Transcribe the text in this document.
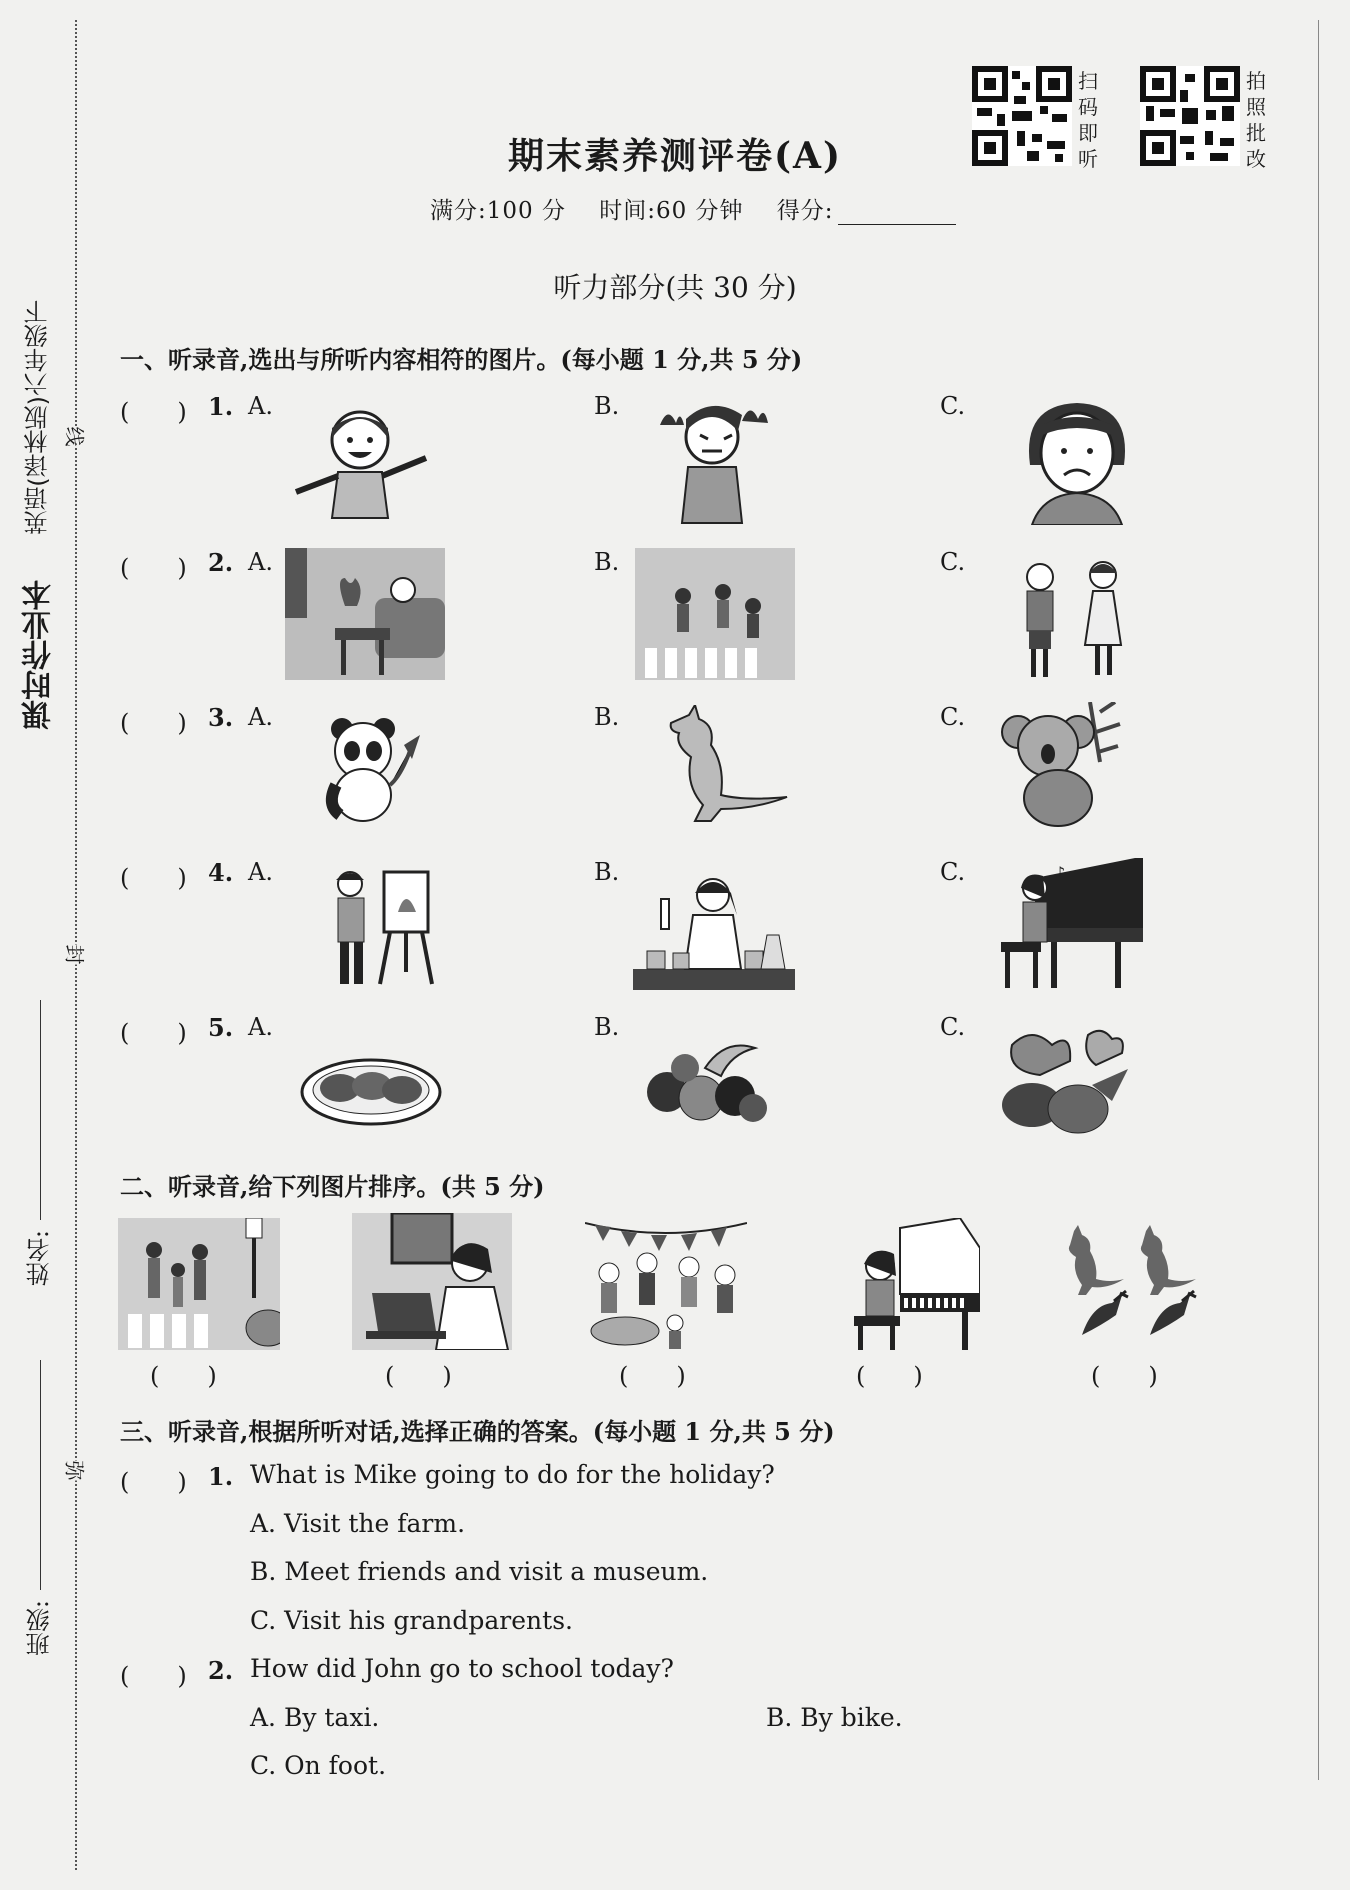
英语(译林版)六年级下
课时作业本
姓名:
班级:
线
封
弥
扫码即听
拍照批改
期末素养测评卷(A)
满分:100 分 时间:60 分钟 得分:
听力部分(共 30 分)
一、听录音,选出与所听内容相符的图片。(每小题 1 分,共 5 分)
(　　) 1. A.	B.	C.
(　　) 2. A.	B.	C.
(　　) 3. A.	B.	C.
(　　) 4. A.	B.	C.	♪
(　　) 5. A.	B.	C.
二、听录音,给下列图片排序。(共 5 分)
(　　)	(　　)	(　　)	(　　)	(　　)
三、听录音,根据所听对话,选择正确的答案。(每小题 1 分,共 5 分)
(　　) 1. What is Mike going to do for the holiday?
A. Visit the farm.
B. Meet friends and visit a museum.
C. Visit his grandparents.
(　　) 2. How did John go to school today?
A. By taxi.	B. By bike.
C. On foot.
